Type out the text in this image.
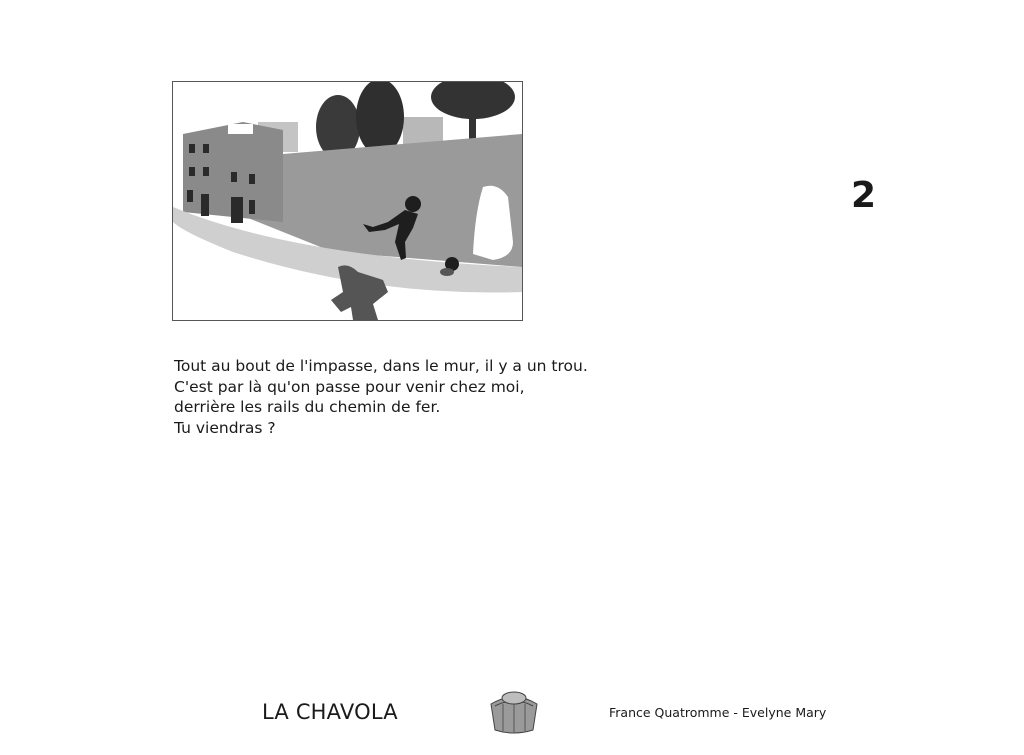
2

Tout au bout de l'impasse, dans le mur, il y a un trou.

C'est par là qu'on passe pour venir chez moi,

derrière les rails du chemin de fer.

Tu viendras ?

LA CHAVOLA	France Quatromme - Evelyne Mary
